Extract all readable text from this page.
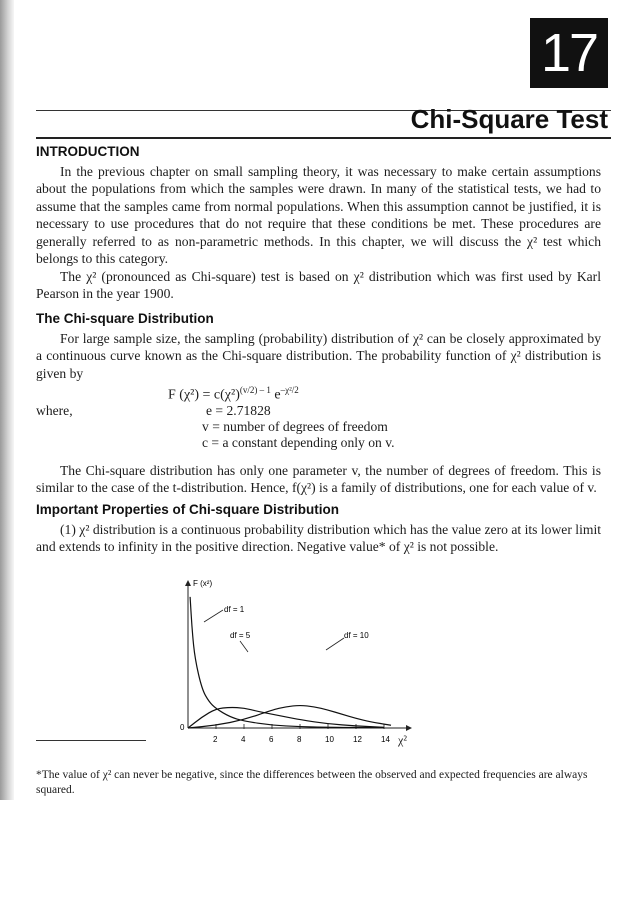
17
Chi-Square Test
INTRODUCTION

In the previous chapter on small sampling theory, it was necessary to make certain assumptions about the populations from which the samples were drawn. In many of the statistical tests, we had to assume that the samples came from normal populations. When this assumption cannot be justified, it is necessary to use procedures that do not require that these conditions be met. These procedures are generally referred to as non-parametric methods. In this chapter, we will discuss the χ² test which belongs to this category.

The χ² (pronounced as Chi-square) test is based on χ² distribution which was first used by Karl Pearson in the year 1900.

The Chi-square Distribution

For large sample size, the sampling (probability) distribution of χ² can be closely approximated by a continuous curve known as the Chi-square distribution. The probability function of χ² distribution is given by

F $(\chi^2) = c(\chi^2)^{(v/2) - 1}$ $e^{-\chi^2/2}$
where,	e = 2.71828
v = number of degrees of freedom
c = a constant depending only on v.

The Chi-square distribution has only one parameter v, the number of degrees of freedom. This is similar to the case of the t-distribution. Hence, f(χ²) is a family of distributions, one for each value of v.

Important Properties of Chi-square Distribution

(1) χ² distribution is a continuous probability distribution which has the value zero at its lower limit and extends to infinity in the positive direction. Negative value* of χ² is not possible.

F (x²)
0
2	4	6	8	10 12 14
df = 1
df = 5	df = 10
χ²
*The value of χ² can never be negative, since the differences between the observed and expected frequencies are always squared.
